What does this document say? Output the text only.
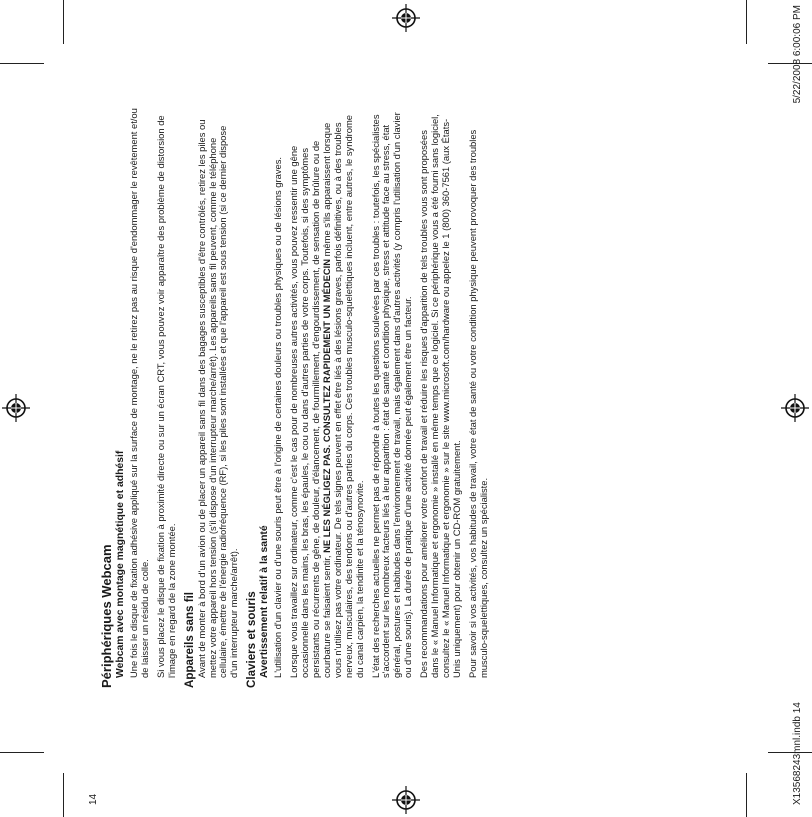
Périphériques Webcam Webcam avec montage magnétique et adhésif Une fois le disque de fixation adhésive appliqué sur la surface de montage, ne le retirez pas au risque d'endommager le revêtement et/ou de laisser un résidu de colle. Si vous placez le disque de fixation à proximité directe ou sur un écran CRT, vous pouvez voir apparaître des problème de distorsion de l'image en regard de la zone montée. Appareils sans fil Avant de monter à bord d'un avion ou de placer un appareil sans fil dans des bagages susceptibles d'être contrôlés, retirez les piles ou mettez votre appareil hors tension (s'il dispose d'un interrupteur marche/arrêt). Les appareils sans fil peuvent, comme le téléphone cellulaire, émettre de l'énergie radiofréquence (RF), si les piles sont installées et que l'appareil est sous tension (si ce dernier dispose d'un interrupteur marche/arrêt). Claviers et souris Avertissement relatif à la santé L'utilisation d'un clavier ou d'une souris peut être à l'origine de certaines douleurs ou troubles physiques ou de lésions graves. Lorsque vous travaillez sur ordinateur, comme c'est le cas pour de nombreuses autres activités, vous pouvez ressentir une gêne occasionnelle dans les mains, les bras, les épaules, le cou ou dans d'autres parties de votre corps. Toutefois, si des symptômes persistants ou récurrents de gêne, de douleur, d'élancement, de fourmillement, d'engourdissement, de sensation de brûlure ou de courbature se faisaient sentir, NE LES NÉGLIGEZ PAS. CONSULTEZ RAPIDEMENT UN MÉDECIN même s'ils apparaissent lorsque vous n'utilisez pas votre ordinateur. De tels signes peuvent en effet être liés à des lésions graves, parfois définitives, ou à des troubles nerveux, musculaires, des tendons ou d'autres parties du corps. Ces troubles musculo-squelettiques incluent, entre autres, le syndrome du canal carpien, la tendinite et la ténosynovite. L'état des recherches actuelles ne permet pas de répondre à toutes les questions soulevées par ces troubles : toutefois, les spécialistes s'accordent sur les nombreux facteurs liés à leur apparition : état de santé et condition physique, stress et attitude face au stress, état général, postures et habitudes dans l'environnement de travail, mais également dans d'autres activités (y compris l'utilisation d'un clavier ou d'une souris). La durée de pratique d'une activité donnée peut également être un facteur. Des recommandations pour améliorer votre confort de travail et réduire les risques d'apparition de tels troubles vous sont proposées dans le « Manuel Informatique et ergonomie » installé en même temps que ce logiciel. Si ce périphérique vous a été fourni sans logiciel, consultez le « Manuel Informatique et ergonomie » sur le site www.microsoft.com/hardware ou appelez le 1 (800) 360-7561 (aux États-Unis uniquement) pour obtenir un CD-ROM gratuitement. Pour savoir si vos activités, vos habitudes de travail, votre état de santé ou votre condition physique peuvent provoquer des troubles musculo-squelettiques, consultez un spécialiste.

14	X13568243mnl.indb 14
5/22/2008 6:00:06 PM
